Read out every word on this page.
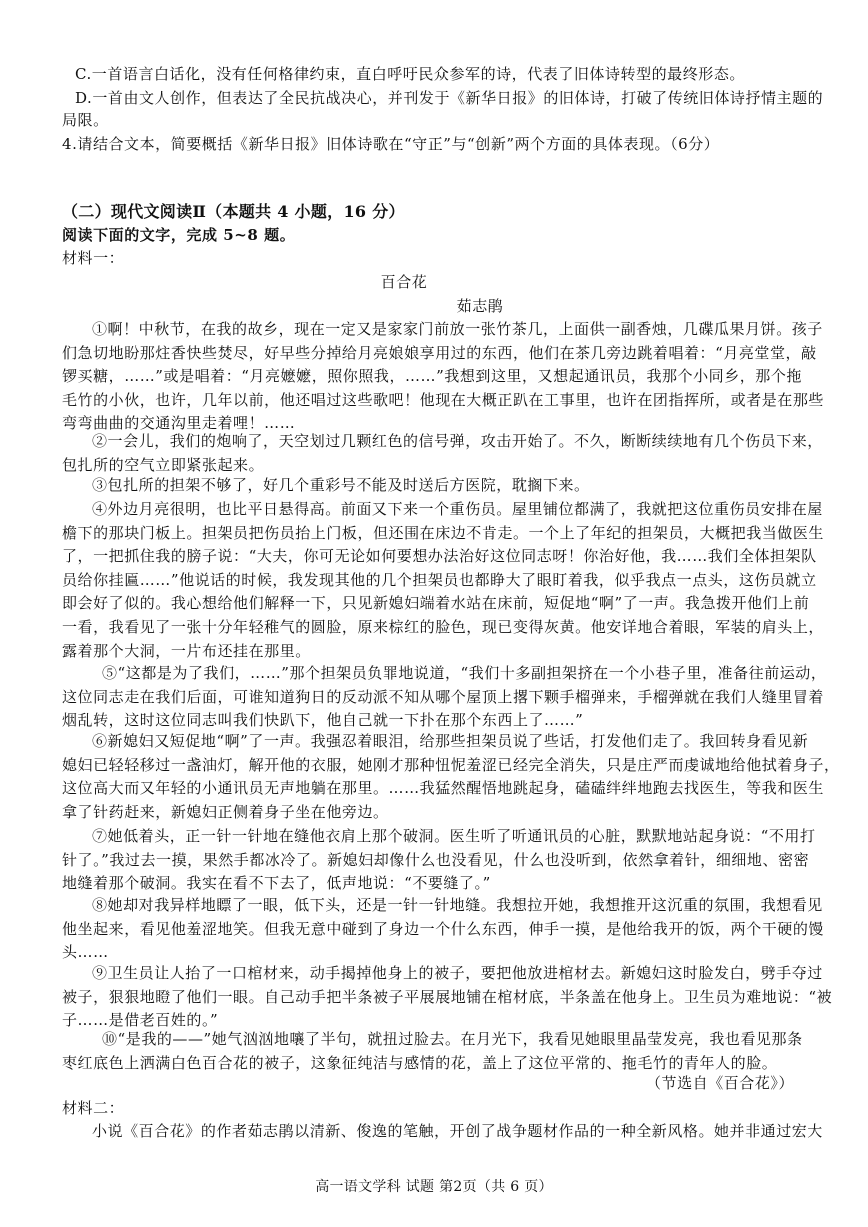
C.一首语言白话化，没有任何格律约束，直白呼吁民众参军的诗，代表了旧体诗转型的最终形态。
D.一首由文人创作，但表达了全民抗战决心，并刊发于《新华日报》的旧体诗，打破了传统旧体诗抒情主题的
局限。
4.请结合文本，简要概括《新华日报》旧体诗歌在“守正”与“创新”两个方面的具体表现。（6分）
（二）现代文阅读Ⅱ（本题共 4 小题，16 分）
阅读下面的文字，完成 5~8 题。
材料一：
百合花
茹志鹃
①啊！中秋节，在我的故乡，现在一定又是家家门前放一张竹茶几，上面供一副香烛，几碟瓜果月饼。孩子
们急切地盼那炷香快些焚尽，好早些分掉给月亮娘娘享用过的东西，他们在茶几旁边跳着唱着：“月亮堂堂，敲
锣买糖，……”或是唱着：“月亮嬷嬷，照你照我，……”我想到这里，又想起通讯员，我那个小同乡，那个拖
毛竹的小伙，也许，几年以前，他还唱过这些歌吧！他现在大概正趴在工事里，也许在团指挥所，或者是在那些
弯弯曲曲的交通沟里走着哩！……
②一会儿，我们的炮响了，天空划过几颗红色的信号弹，攻击开始了。不久，断断续续地有几个伤员下来，
包扎所的空气立即紧张起来。
③包扎所的担架不够了，好几个重彩号不能及时送后方医院，耽搁下来。
④外边月亮很明，也比平日悬得高。前面又下来一个重伤员。屋里铺位都满了，我就把这位重伤员安排在屋
檐下的那块门板上。担架员把伤员抬上门板，但还围在床边不肯走。一个上了年纪的担架员，大概把我当做医生
了，一把抓住我的膀子说：“大夫，你可无论如何要想办法治好这位同志呀！你治好他，我……我们全体担架队
员给你挂匾……”他说话的时候，我发现其他的几个担架员也都睁大了眼盯着我，似乎我点一点头，这伤员就立
即会好了似的。我心想给他们解释一下，只见新媳妇端着水站在床前，短促地“啊”了一声。我急拨开他们上前
一看，我看见了一张十分年轻稚气的圆脸，原来棕红的脸色，现已变得灰黄。他安详地合着眼，军装的肩头上，
露着那个大洞，一片布还挂在那里。
⑤“这都是为了我们，……”那个担架员负罪地说道，“我们十多副担架挤在一个小巷子里，准备往前运动，
这位同志走在我们后面，可谁知道狗日的反动派不知从哪个屋顶上撂下颗手榴弹来，手榴弹就在我们人缝里冒着
烟乱转，这时这位同志叫我们快趴下，他自己就一下扑在那个东西上了……”
⑥新媳妇又短促地“啊”了一声。我强忍着眼泪，给那些担架员说了些话，打发他们走了。我回转身看见新
媳妇已轻轻移过一盏油灯，解开他的衣服，她刚才那种忸怩羞涩已经完全消失，只是庄严而虔诚地给他拭着身子，
这位高大而又年轻的小通讯员无声地躺在那里。……我猛然醒悟地跳起身，磕磕绊绊地跑去找医生，等我和医生
拿了针药赶来，新媳妇正侧着身子坐在他旁边。
⑦她低着头，正一针一针地在缝他衣肩上那个破洞。医生听了听通讯员的心脏，默默地站起身说：“不用打
针了。”我过去一摸，果然手都冰冷了。新媳妇却像什么也没看见，什么也没听到，依然拿着针，细细地、密密
地缝着那个破洞。我实在看不下去了，低声地说：“不要缝了。”
⑧她却对我异样地瞟了一眼，低下头，还是一针一针地缝。我想拉开她，我想推开这沉重的氛围，我想看见
他坐起来，看见他羞涩地笑。但我无意中碰到了身边一个什么东西，伸手一摸，是他给我开的饭，两个干硬的馒
头……
⑨卫生员让人抬了一口棺材来，动手揭掉他身上的被子，要把他放进棺材去。新媳妇这时脸发白，劈手夺过
被子，狠狠地瞪了他们一眼。自己动手把半条被子平展展地铺在棺材底，半条盖在他身上。卫生员为难地说：“被
子……是借老百姓的。”
⑩“是我的——”她气汹汹地嚷了半句，就扭过脸去。在月光下，我看见她眼里晶莹发亮，我也看见那条
枣红底色上洒满白色百合花的被子，这象征纯洁与感情的花，盖上了这位平常的、拖毛竹的青年人的脸。
（节选自《百合花》）
材料二：
小说《百合花》的作者茹志鹃以清新、俊逸的笔触，开创了战争题材作品的一种全新风格。她并非通过宏大
高一语文学科 试题 第2页（共 6 页）
